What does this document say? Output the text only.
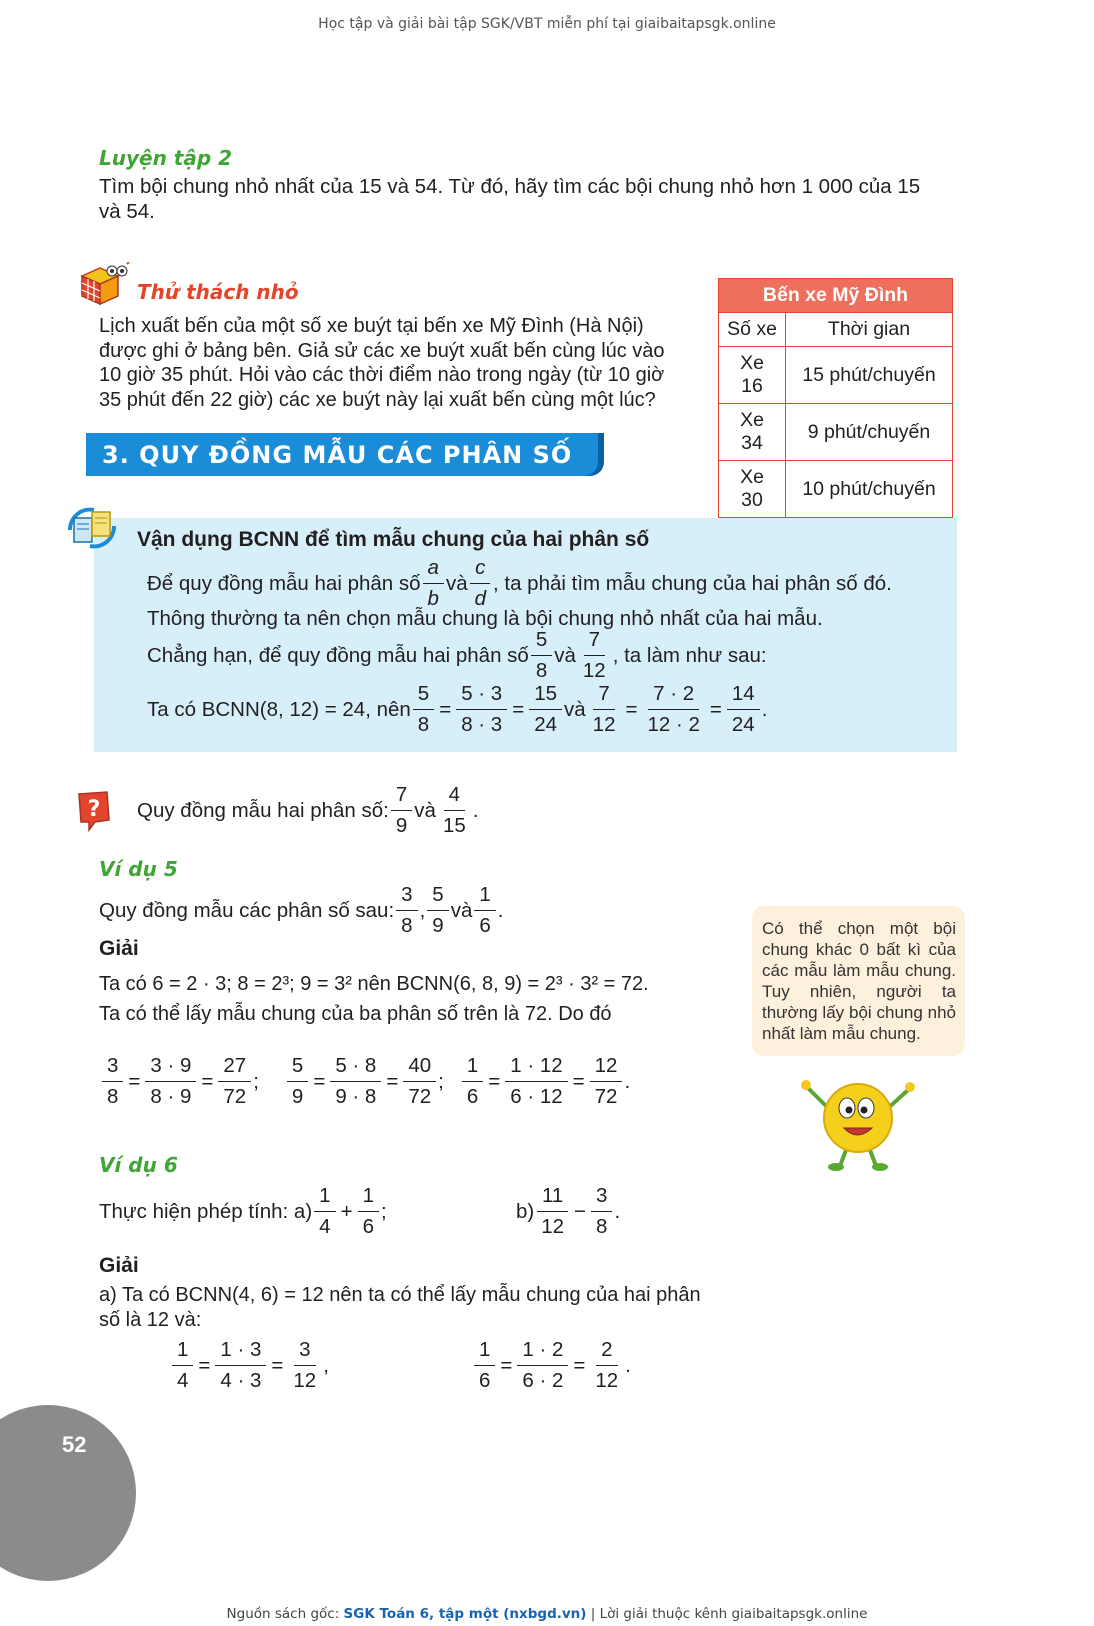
Học tập và giải bài tập SGK/VBT miễn phí tại giaibaitapsgk.online
Luyện tập 2
Tìm bội chung nhỏ nhất của 15 và 54. Từ đó, hãy tìm các bội chung nhỏ hơn 1 000 của 15
và 54.
Thử thách nhỏ
Lịch xuất bến của một số xe buýt tại bến xe Mỹ Đình (Hà Nội)
được ghi ở bảng bên. Giả sử các xe buýt xuất bến cùng lúc vào
10 giờ 35 phút. Hỏi vào các thời điểm nào trong ngày (từ 10 giờ
35 phút đến 22 giờ) các xe buýt này lại xuất bến cùng một lúc?
Bến xe Mỹ Đình	
Số xe	Thời gian
Xe 16	15 phút/chuyến
Xe 34	9 phút/chuyến
Xe 30	10 phút/chuyến
3. QUY ĐỒNG MẪU CÁC PHÂN SỐ
Vận dụng BCNN để tìm mẫu chung của hai phân số
Để quy đồng mẫu hai phân số $\frac{a}{b}$ và $\frac{c}{d}$ , ta phải tìm mẫu chung của hai phân số đó.
Thông thường ta nên chọn mẫu chung là bội chung nhỏ nhất của hai mẫu.
Chẳng hạn, để quy đồng mẫu hai phân số $\frac{5}{8}$ và $\frac{7}{12}$ , ta làm như sau:
Ta có BCNN(8, 12) = 24, nên $\frac{5}{8} = \frac{5 \cdot 3}{8 \cdot 3} = \frac{15}{24}$ và $\frac{7}{12} = \frac{7 \cdot 2}{12 \cdot 2} = \frac{14}{24}$ .
? Quy đồng mẫu hai phân số: $\frac{7}{9}$ và $\frac{4}{15}$ .
Ví dụ 5
Quy đồng mẫu các phân số sau: $\frac{3}{8}$ , $\frac{5}{9}$ và $\frac{1}{6}$ .
Giải
Ta có 6 = 2 · 3; 8 = 2³; 9 = 3² nên BCNN(6, 8, 9) = 2³ · 3² = 72.
Ta có thể lấy mẫu chung của ba phân số trên là 72. Do đó
$\frac{3}{8} = \frac{3 \cdot 9}{8 \cdot 9} = \frac{27}{72}$ ; $\frac{5}{9} = \frac{5 \cdot 8}{9 \cdot 8} = \frac{40}{72}$ ; $\frac{1}{6} = \frac{1 \cdot 12}{6 \cdot 12} = \frac{12}{72}$ .
Có thể chọn một bội chung khác 0 bất kì của các mẫu làm mẫu chung. Tuy nhiên, người ta thường lấy bội chung nhỏ nhất làm mẫu chung.
Ví dụ 6
Thực hiện phép tính: $a) \frac{1}{4} + \frac{1}{6}$ ;	$b) \frac{11}{12} - \frac{3}{8}$ .
Giải
a) Ta có BCNN(4, 6) = 12 nên ta có thể lấy mẫu chung của hai phân
số là 12 và:
$\frac{1}{4} = \frac{1 \cdot 3}{4 \cdot 3} = \frac{3}{12}$ ,	$\frac{1}{6} = \frac{1 \cdot 2}{6 \cdot 2} = \frac{2}{12}$ .
52
Nguồn sách gốc: SGK Toán 6, tập một (nxbgd.vn) | Lời giải thuộc kênh giaibaitapsgk.online
